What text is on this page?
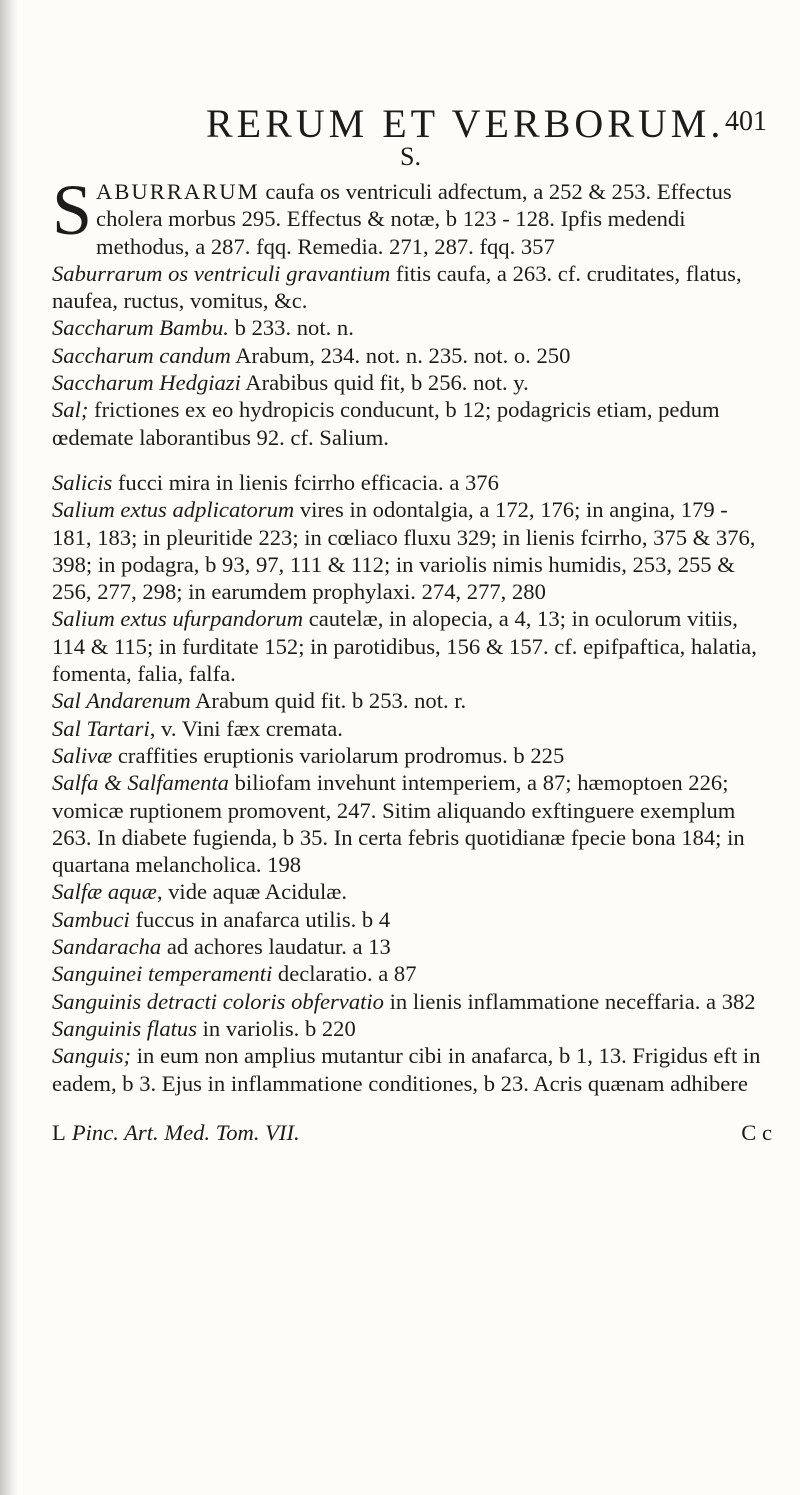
RERUM ET VERBORUM. 401
S.

SABURRARUM caufa os ventriculi adfectum, a 252 & 253. Effectus cholera morbus 295. Effectus & notæ, b 123 - 128. Ipfis medendi methodus, a 287. fqq. Remedia. 271, 287. fqq. 357

Saburrarum os ventriculi gravantium fitis caufa, a 263. cf. cruditates, flatus, naufea, ructus, vomitus, &c.

Saccharum Bambu. b 233. not. n.

Saccharum candum Arabum, 234. not. n. 235. not. o. 250

Saccharum Hedgiazi Arabibus quid fit, b 256. not. y.

Sal; frictiones ex eo hydropicis conducunt, b 12; podagricis etiam, pedum œdemate laborantibus 92. cf. Salium.

Salicis fucci mira in lienis fcirrho efficacia. a 376

Salium extus adplicatorum vires in odontalgia, a 172, 176; in angina, 179 - 181, 183; in pleuritide 223; in cœliaco fluxu 329; in lienis fcirrho, 375 & 376, 398; in podagra, b 93, 97, 111 & 112; in variolis nimis humidis, 253, 255 & 256, 277, 298; in earumdem prophylaxi. 274, 277, 280

Salium extus ufurpandorum cautelæ, in alopecia, a 4, 13; in oculorum vitiis, 114 & 115; in furditate 152; in parotidibus, 156 & 157. cf. epifpaftica, halatia, fomenta, falia, falfa.

Sal Andarenum Arabum quid fit. b 253. not. r.

Sal Tartari, v. Vini fæx cremata.

Salivæ craffities eruptionis variolarum prodromus. b 225

Salfa & Salfamenta biliofam invehunt intemperiem, a 87; hæmoptoen 226; vomicæ ruptionem promovent, 247. Sitim aliquando exftinguere exemplum 263. In diabete fugienda, b 35. In certa febris quotidianæ fpecie bona 184; in quartana melancholica. 198

Salfæ aquæ, vide aquæ Acidulæ.

Sambuci fuccus in anafarca utilis. b 4

Sandaracha ad achores laudatur. a 13

Sanguinei temperamenti declaratio. a 87

Sanguinis detracti coloris obfervatio in lienis inflammatione neceffaria. a 382

Sanguinis flatus in variolis. b 220

Sanguis; in eum non amplius mutantur cibi in anafarca, b 1, 13. Frigidus eft in eadem, b 3. Ejus in inflammatione conditiones, b 23. Acris quænam adhibere

L Pinc. Art. Med. Tom. VII.	C c
